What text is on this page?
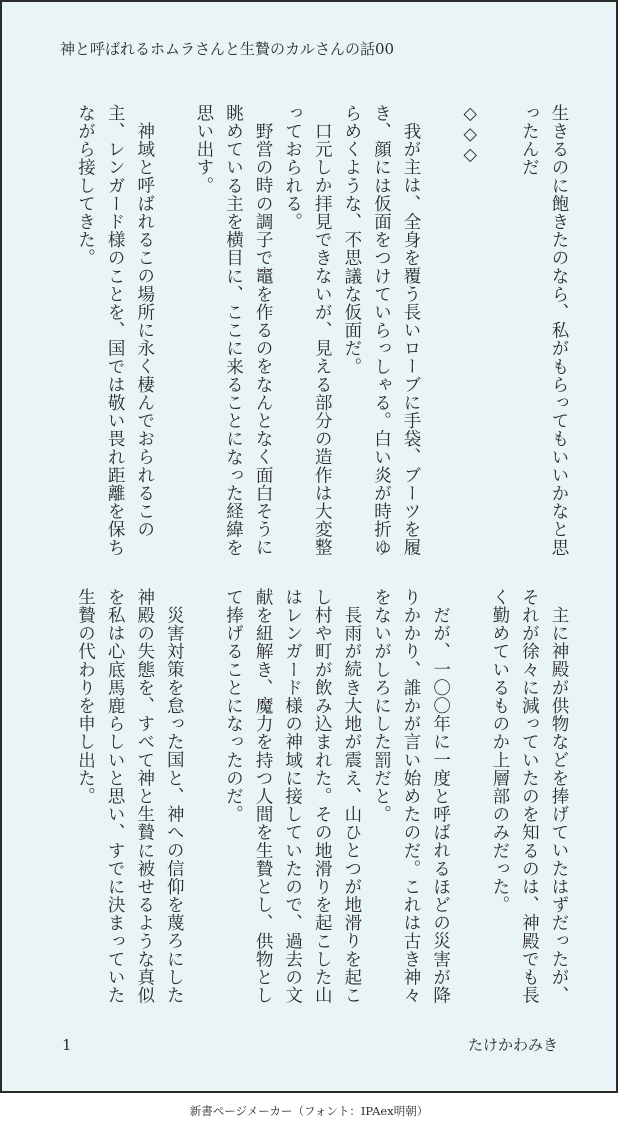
神と呼ばれるホムラさんと生贄のカルさんの話00

生きるのに飽きたのなら、私がもらってもいいかなと思ったんだ

◇◇◇

我が主は、全身を覆う長いローブに手袋、ブーツを履き、顔には仮面をつけていらっしゃる。白い炎が時折ゆらめくような、不思議な仮面だ。

口元しか拝見できないが、見える部分の造作は大変整っておられる。

野営の時の調子で竈を作るのをなんとなく面白そうに眺めている主を横目に、ここに来ることになった経緯を思い出す。

神域と呼ばれるこの場所に永く棲んでおられるこの主、レンガード様のことを、国では敬い畏れ距離を保ちながら接してきた。

主に神殿が供物などを捧げていたはずだったが、それが徐々に減っていたのを知るのは、神殿でも長く勤めているものか上層部のみだった。

だが、一〇〇年に一度と呼ばれるほどの災害が降りかかり、誰かが言い始めたのだ。これは古き神々をないがしろにした罰だと。

長雨が続き大地が震え、山ひとつが地滑りを起こし村や町が飲み込まれた。その地滑りを起こした山はレンガード様の神域に接していたので、過去の文献を紐解き、魔力を持つ人間を生贄とし、供物として捧げることになったのだ。

災害対策を怠った国と、神への信仰を蔑ろにした神殿の失態を、すべて神と生贄に被せるような真似を私は心底馬鹿らしいと思い、すでに決まっていた生贄の代わりを申し出た。

1	たけかわみき
新書ページメーカー（フォント：IPAex明朝）
